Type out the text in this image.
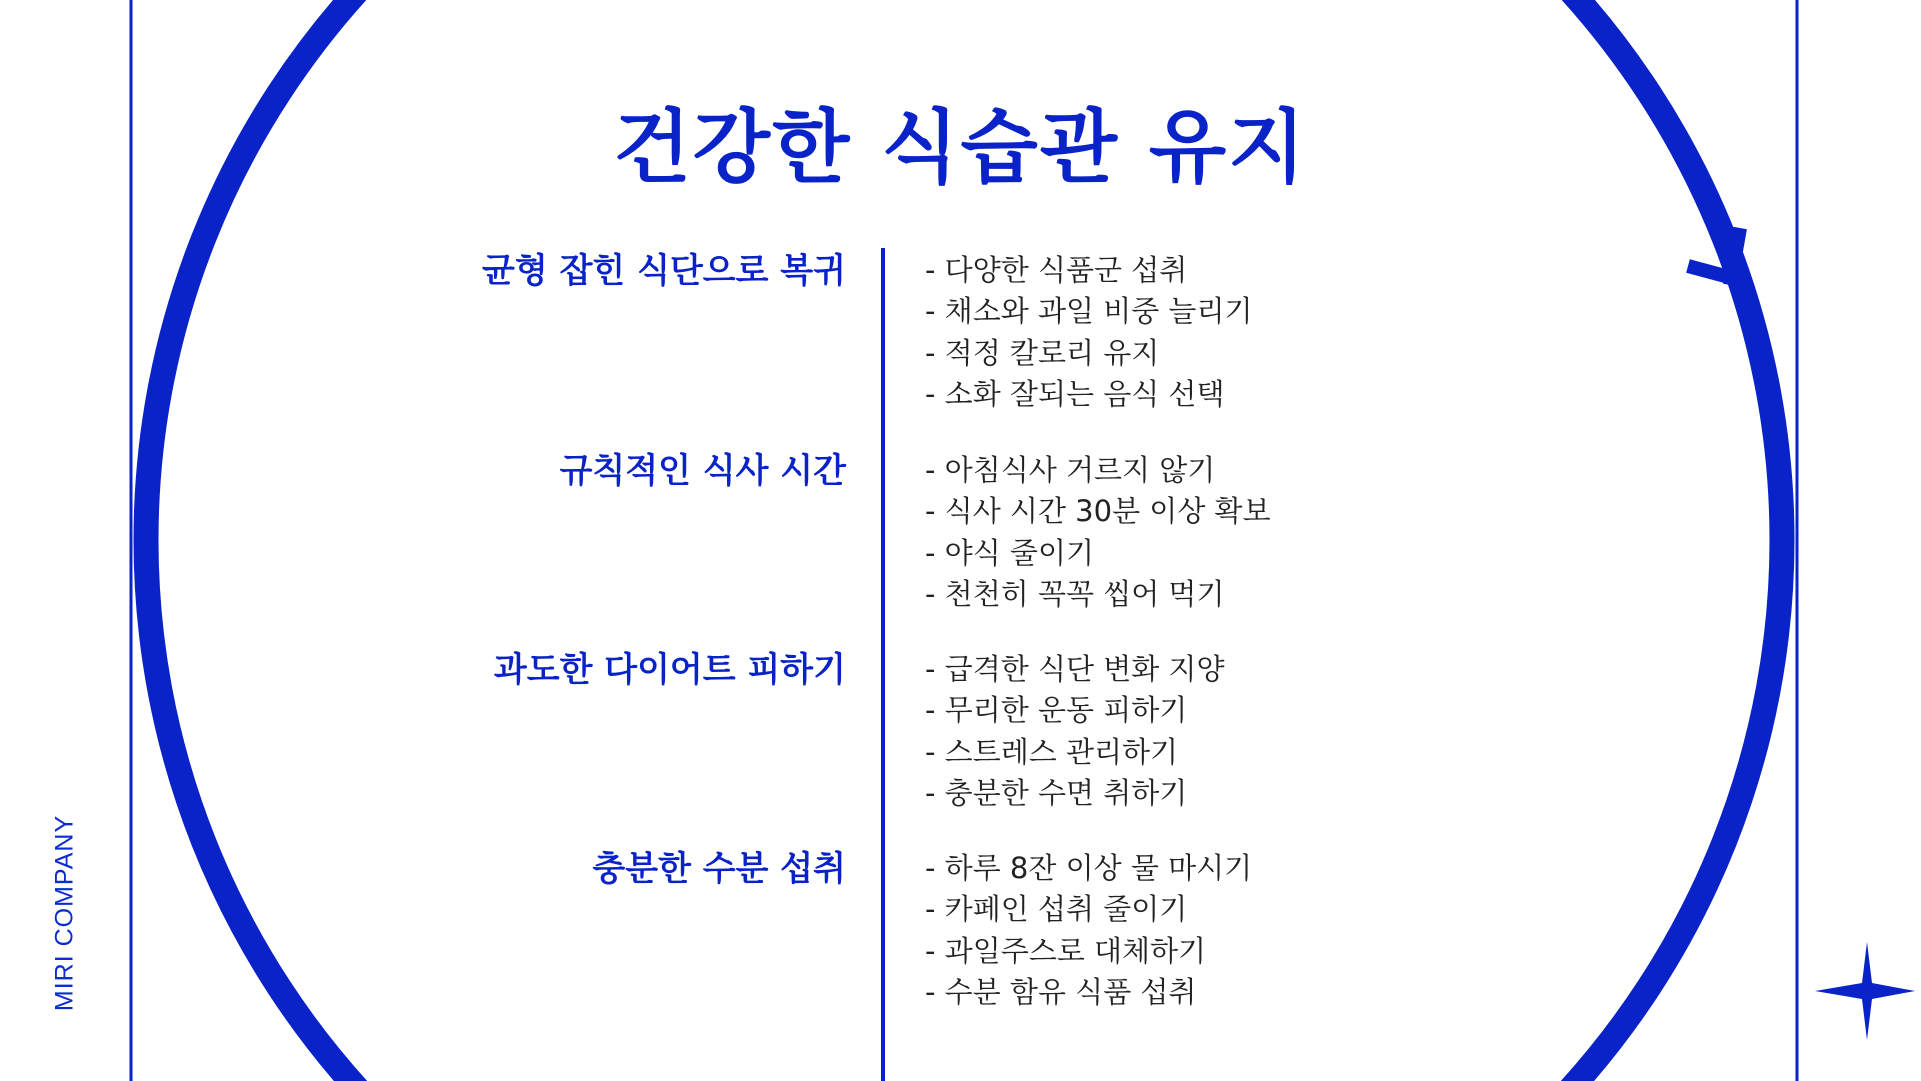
MIRI COMPANY
건강한 식습관 유지
균형 잡힌 식단으로 복귀	- 다양한 식품군 섭취
- 채소와 과일 비중 늘리기
- 적정 칼로리 유지
- 소화 잘되는 음식 선택
규칙적인 식사 시간	- 아침식사 거르지 않기
- 식사 시간 30분 이상 확보
- 야식 줄이기
- 천천히 꼭꼭 씹어 먹기
과도한 다이어트 피하기	- 급격한 식단 변화 지양
- 무리한 운동 피하기
- 스트레스 관리하기
- 충분한 수면 취하기
충분한 수분 섭취	- 하루 8잔 이상 물 마시기
- 카페인 섭취 줄이기
- 과일주스로 대체하기
- 수분 함유 식품 섭취
